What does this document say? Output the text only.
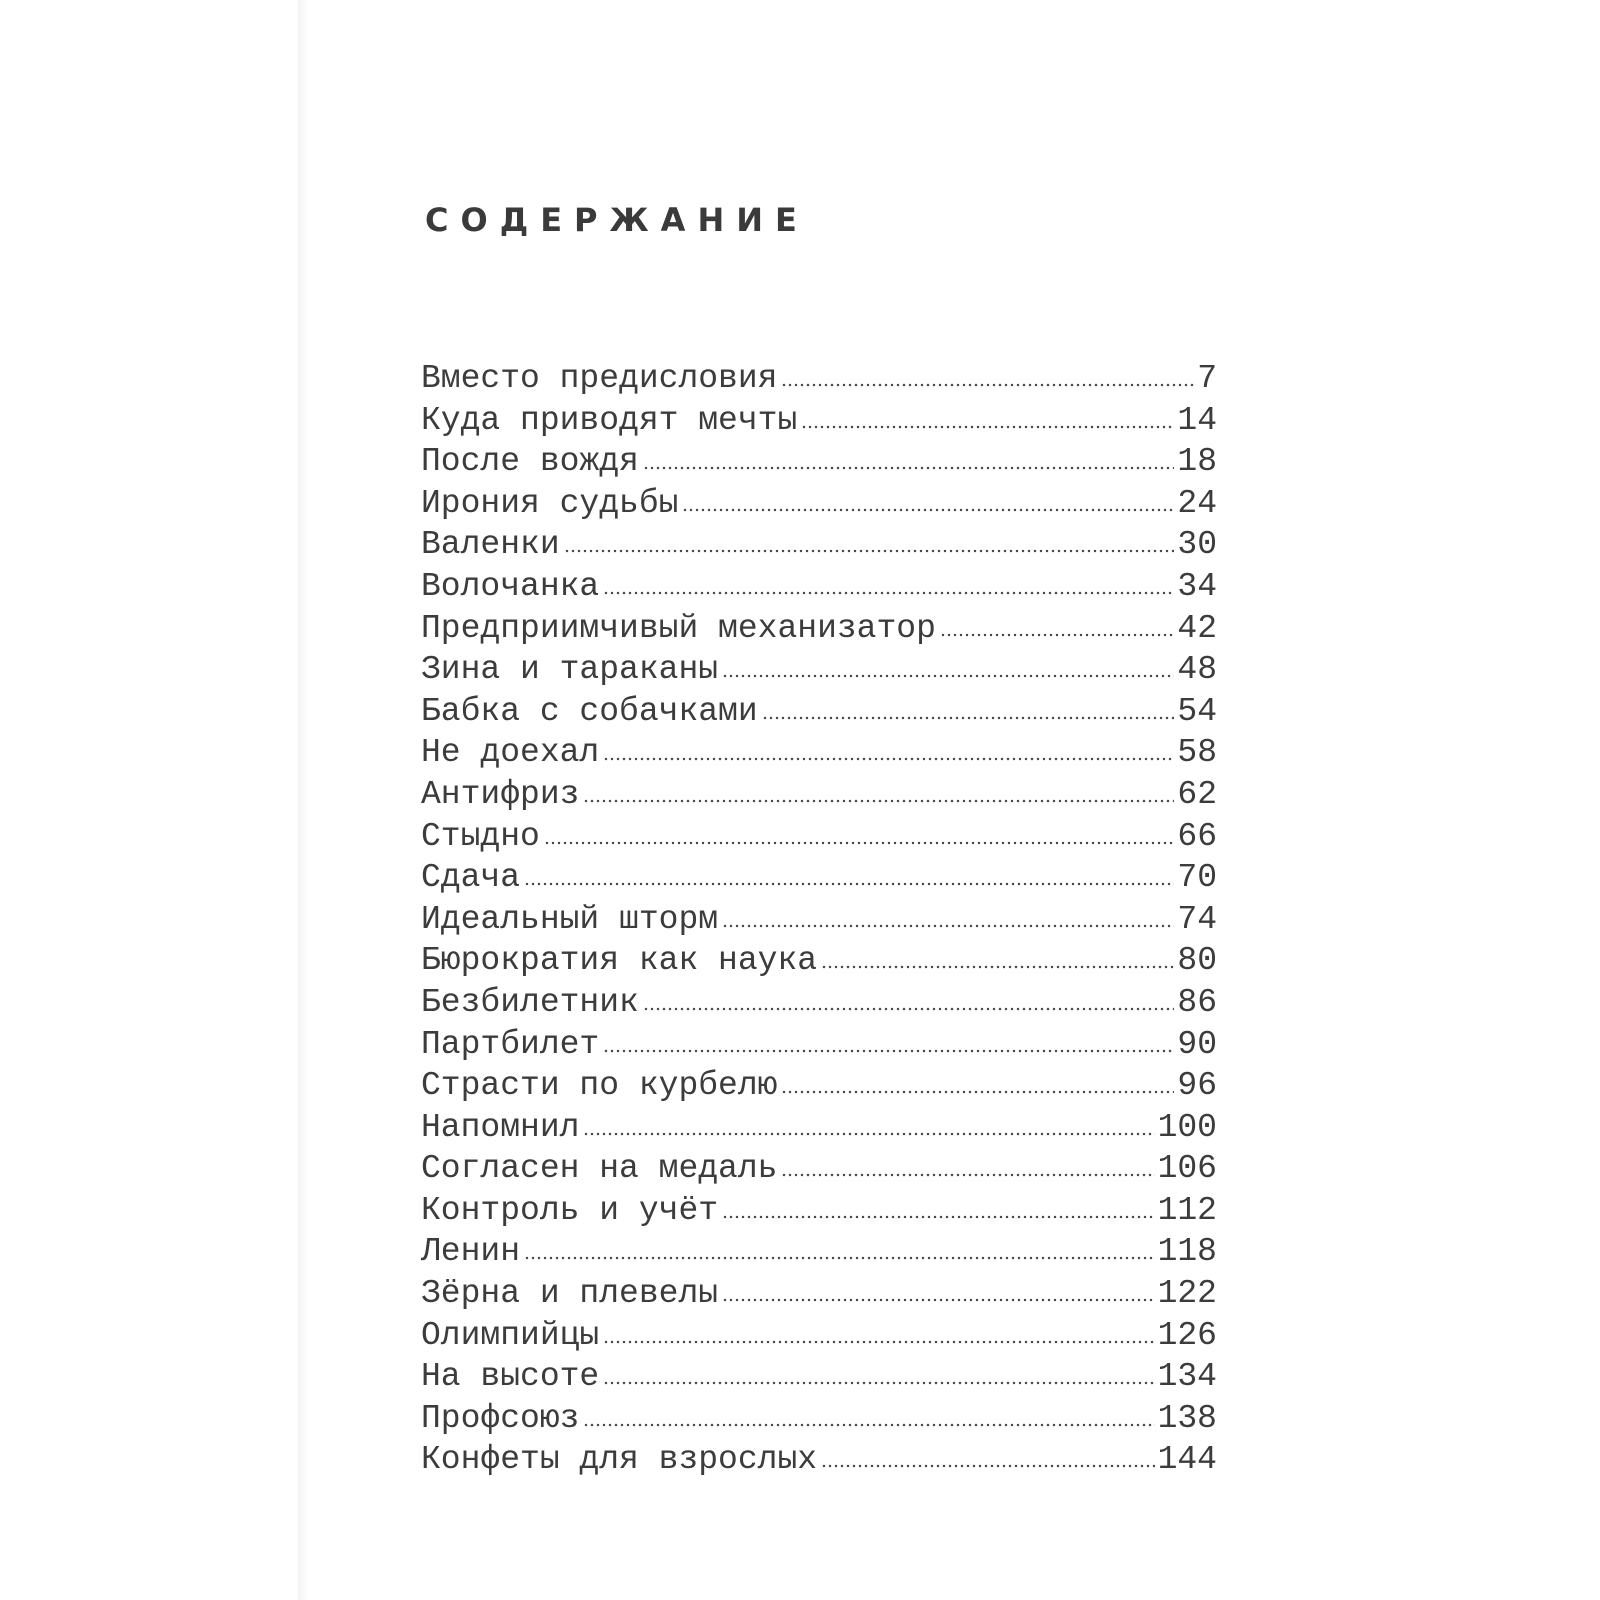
СОДЕРЖАНИЕ
Вместо предисловия	7
Куда приводят мечты	14
После вождя	18
Ирония судьбы	24
Валенки	30
Волочанка	34
Предприимчивый механизатор	42
Зина и тараканы	48
Бабка с собачками	54
Не доехал	58
Антифриз	62
Стыдно	66
Сдача	70
Идеальный шторм	74
Бюрократия как наука	80
Безбилетник	86
Партбилет	90
Страсти по курбелю	96
Напомнил	100
Согласен на медаль	106
Контроль и учёт	112
Ленин	118
Зёрна и плевелы	122
Олимпийцы	126
На высоте	134
Профсоюз	138
Конфеты для взрослых	144
